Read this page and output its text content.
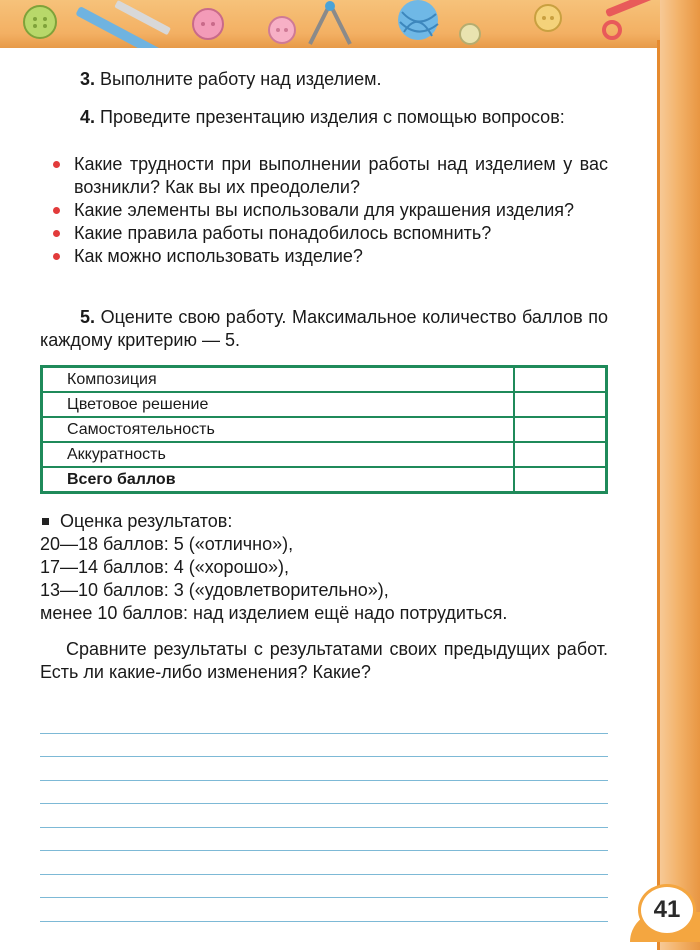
41

3. Выполните работу над изделием.

4. Проведите презентацию изделия с помощью вопросов:

Какие трудности при выполнении работы над изделием у вас возникли? Как вы их преодолели?
Какие элементы вы использовали для украшения изделия?
Какие правила работы понадобилось вспомнить?
Как можно использовать изделие?

5. Оцените свою работу. Максимальное количество баллов по каждому критерию — 5.

Композиция	
Цветовое решение	
Самостоятельность	
Аккуратность	
Всего баллов	

Оценка результатов:

20—18 баллов: 5 («отлично»),

17—14 баллов: 4 («хорошо»),

13—10 баллов: 3 («удовлетворительно»),

менее 10 баллов: над изделием ещё надо потрудиться.

Сравните результаты с результатами своих предыдущих работ. Есть ли какие-либо изменения? Какие?
